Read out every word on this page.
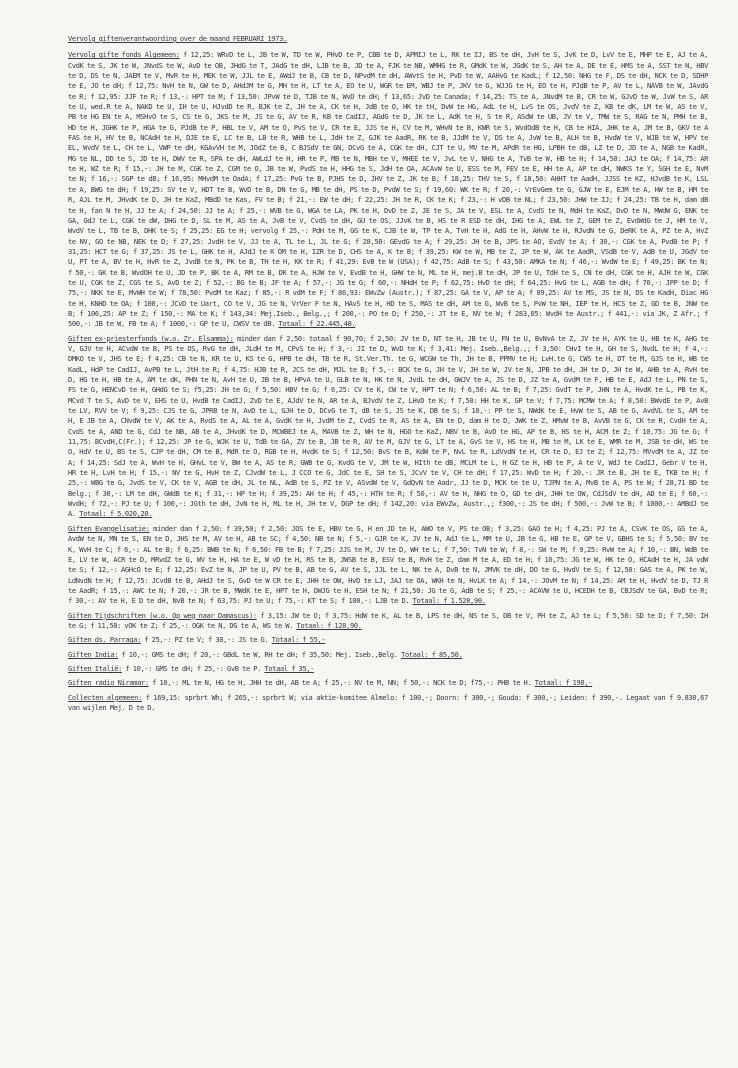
Vervolg giftenverantwoording over de maand FEBRUARI 1973.

Vervolg gifte fonds Algemeen: f 12,25: WRvD te L, JB te W, TD te W, PHvD te P, CBB te D, APMIJ te L, RK te IJ, BS te dH, JvH te S, JvK te D, LvV te E, MHP te E, AJ te A, CvdK te S, JK te W, JNvdS te W, AvD te OB, JHdG te T, JAdG te dH, LJB te B, JD te A, FJK te NB, WMHG te R, GMdK te W, JGdK te S, AH te A, DE te E, HMS te A, SST te N, HBV te D, DS te N, JAEM te V, MvR te H, MEK te W, JJL te E, AWdJ te B, CB te D, NPvdM te dH, AWvtS te H, PvD te W, AAHvG te KadL; f 12,50: NHG te F, DS te dH, NCK te D, SDHP te E, JO te dH; f 12,75: NvH te N, GW te D, AHdJM te G, MH te H, LT te A, EO te U, WGR te EM, WBJ te P, JKV te G, WJJG te H, EO te H, PJdB te P, AV te L, NAVB te W, JAvdG te R; f 12,95: JJF te R; f 13,-: HPT te M; f 13,50: JPvW te D, TJB te N, WvD te dH; f 13,65: JvD te Canada; f 14,25: TS te A, JNvdM te B, CR te W, GJvD te W, JvW te S, AR te U, wed.R te A, NAKD te U, IH te U, HJvdD te R, BJK te Z, JH te A, CK te H, JdB te O, HK te tH, DvW te HG, AdL te H, LvS te OS, JvdV te Z, KB te dK, LM te W, AS te V, PB te HG EN te A, MSHvO te S, CS te G, JKS te M, JS te G, AV te R, KB te CadIJ, AGdG te D, JK te L, AdK te H, S te R, ASdW te UB, JV te V, TMW te S, RAG te N, PMH te B, HD te H, JGHK te P, HGA te G, PJdB te P, HBL te V, AM te O, PvS te V, CR te E, JJS te H, CV te M, WHvN te B, KWR te S, WvdOdB te H, CB te HIA, JHK te A, JM te B, GKV te A FAS te H, HV te B, NCAdH te H, DJE te E, LC te B, LB te R, WHB te L, JdH te Z, GJK te AadR, RK te B, JJdM te V, DS te A, JvW te B, ALH te B, HvdW te V, WJB te W, HPV te EL, WvdV te L, CH te L, VWP te dH, KGAvVH te M, JOdZ te B, C BJSdV te GN, DCvG te A, CGK te dH, CJT te U, MV te M, APdR te HG, LPBH te dB, LZ te D, JD te A, NGB te KadR, MG te NL, DD te S, JD te H, DWV te R, SPA te dH, AWLdJ te H, HR te P, MB te N, MBH te V, MHEE te V, JvL te V, NHG te A, TvB te W, HB te H; f 14,50: JAJ te OA; f 14,75: AR te H, WZ te R; f 15,-: JH te M, CGK te Z, CGM te O, JB te W, PvdS te H, HHG te S, JdH te OA, ACAvW te U, ESS te M, FEV te E, HH te A, AP te dH, NWKS te Y, SGH te E, NvM te N; f 16,-: SGP te dB; f 16,95: MHvdM te OadA; f 17,25: PvG te B, PJHS te D, JHV te Z, JK te B; f 18,25: THV te S, f 18,50: AHHT te AadH, JJSS te KZ, HJvdB te K, LSL te A, BWG te dH; f 19,25: SV te V, HDT te B, WvD te B, DN te G, MB te dH, PS te D, PvdW te S; f 19,60: WK te R; f 20,-: VrEvGem te G, GJW te E, EJM te A, HW te B, HM te R, AJL te M, JHvdK te D, JH te KaZ, MBdD te Kas, FV te B; f 21,-: EW te dH; f 22,25: JH te R, CK te K; f 23,-: H vDB te NL; f 23,50: JHW te IJ; f 24,25: TB te H, dam dB te H, fan N te H, JJ te A; f 24,50: JJ te A; f 25,-: WVB te G, WGA te LA, PK te H, DvD te Z, JE te S, JA te V, ESL te A, CvdS te N, MdH te KaZ, DvD te N, MWdW G, ENK te GA, GdJ te L, CGK te dW, DHG te D, SL te M, AS te A, JvB te V, CvdS te dH, GU te OS, JJvK te B, HS te R ESD te dH, IHG te A, EWL te Z, GEM te Z, EvdWdG te J, HM te V, WvdV te L, TB te B, DHK te S; f 25,25: EG te H; vervolg f 25,-: PdH te M, GG te K, CJB te W, TP te A, TvH te H, AdG te H, AHvW te H, RJvdN te G, DeRK te A, PZ te A, HvZ te NV, GO te NB, NEK te D; f 27,25: JvdH te V, JJ te A, TL te L, JL te G; f 28,50: GEvdG te A; f 29,25: JH te B, JPS te AO, EvdV te A; f 30,-: CGK te A, PvdB te P; f 31,25: HCT te G; f 37,25: JS te L, GHK te H, AJdJ te K OM te H, IZR te D, CHS te A, K te B; f 39,25: KW te W, MB te Z, JP te W, AK te AadR, VSdB te V, AdB te U, JGdV te U, PT te A, BV te H, HvR te Z, JvdB te N, PK te B, TH te H, KK te R; f 41,29: EvB te W (USA); f 42,75: AdB te S; f 43,50: AMKA te N; f 46,-: WvdW te E; f 49,25: BK te N; f 50,-: GK te B, WvdOH te U, JD te P, BK te A, RM te B, DK te A, HJW te V, EvdB te H, GHW te N, ML te H, mej.B te dH, JP te U, TdH te S, CN te dH, CGK te H, AJH te W, CGK te U, CGK te Z, CGS te S, AvD te Z; f 52,-: BG te B; JF te A; f 57,-: JG te G; f 60,-: NHdH te P; f 62,75: HvD te dH; f 64,25: HvG te L, AGB te dH; f 70,-: JPP te D; f 75,-: NKK te E, MvWH te W; f 78,50: PvdM te Kaz; f 85,-: R vdM te F; f 86,93: EWvZw (Austr.); f 87,25: GA te V, AP te A; f 89,25: AV te MS, JS te N, DS te KadH, Diac HG te H, KNHD te OA; f 100,-: JCvD te Uart, CO te V, JG te N, VrVer F te N, HAvS te H, HD te S, MAS te dH, AM te G, WvB te S, PvW te NH, IEP te H, HCS te Z, GD te B, JNW te B; f 106,25: AP te Z; f 150,-: MA te K; f 143,34: Mej.Iseb., Belg.,; f 200,-: PO te D; f 250,-: JT te E, NV te W; f 283,05: WvdH te Austr.; f 441,-: via JK, Z Afr.; f 500,-: JB te W, FB te A; f 1000,-: GP te U, CWSV te dB. Totaal: f 22.445,48.

Giften ex-priesterfonds (w.o. Zr. Elsamma): minder dan f 2,50: totaal f 90,70; f 2,50: JV te D, NT te H, JB te U, FN te U, BvNvA te Z, JV te H, AYK te U, HB te K, AHG te V, GJV te H, ACvdW te B, PS te OS, RvG te dH, JLdH te M, CPvS te H; f 3,-: JI te D, WvD te K; f 3,41: Mej. Iseb.,Belg.,; f 3,50: CHvI te H, GH te S, NvdL te H; f 4,-: DMKO te V, JHS te E; f 4,25: CB te N, KR te U, KS te G, HPB te dH, TB te R, St.Ver.Th. te G, WCGW te Th, JH te B, PPMV te H; LvH.te G, CWS te H, DT te M, GJS te H, WB te KadL, HdP te CadIJ, AvPB te L, JtH te R; f 4,75: HJB te R, JCS te dH, MJL te B; f 5,-: BCK te G, JH te V, JH te W, JV te N, JPB te dH, JH te D, JH te W, AHB te A, RvH te D, HG te H, HB te A, AM te dK, PHN te N, AvH te U, JB te B, HPvA te U, GLB te N, HK te N, JvdL te dH, GWJV te A, JS te D, JZ te A, GvdM te F, HB te E, AdJ te L, PN te S, FS te G, HENCvD te H, GHdG te S; f5,25: JH te G; f 5,50: HBV te G; f 6,25: CV te K, CW te V, HPT te N; f 6,50: AL te B; f 7,25: GvdT te P, JHN te A, HvdK te L, PB te K, MCvd T te S, AvD te V, EHS te U, HvdB te CadIJ, ZvD te E, AJdV te N, AR te A, BJvdV te Z, LHvD te K; f 7,50: HH te K, GP te V; f 7,75: MCMW te A; f 8,50: BWvdE te P, AvB te LV, RVV te V; f 9,25: CJS te G, JPRB te N, AvD te L, GJH te D, DCvG te T, dB te S, JS te K, DB te S; f 10,-: PP te S, NWdK te E, HvW te S, AB te G, AvdVL te S, AM te H, E JB te A, CNvdW te V, AK te A, RvdS te A, AL te A, GvdK te H, JvdM te Z, CvdS te R, AS te A, EN te D, dam H te D, JWK te Z, HMvW te B, AvVB te G, CK te R, CvdH te A, CvdS te A, AND te G, CdJ te NB, AB te A, JHvdK te D, MCWBEJ te A, MAVB te Z, WH te N, HGO te KaZ, NBV te B, AvD te HG, AP te B, HS te H, ACM te Z; f 10,75: JG te G; f 11,75: BCvdH,C(Fr.); f 12,25: JP te G, WJK te U, TdB te GA, ZV te B, JB te R, AV te M, GJV te G, LT te A, GvS te V, HS te H, MB te M, LK te E, WMR te M, JSB te dH, WS te O, HdV te U, BS te S, CJP te dH, CM te B, MdR te O, RGB te H, HvdK te S; f 12,50: BvS te B, KdW te P, NvL te R, LdVvdN te H, CR te D, EJ te Z; f 12,75: MVvdM te A, JZ te A; f 14,25: SdJ te A, WvH te H, GHvL te V, BW te A, AS te R, GWB te G, KvdG te V, JM te W, HIth te dB, MCLM te L, H GZ te H, HB te P, A te V, WdJ te CadIJ, Gebr V te H, HR te H, LvH te H; f 15,-: NV te G, HvH te Z, CJvdW te L, J CCO te G, JdC te E, SH te S, JCvV te V, CH te dH; f 17,25: WvD te H; f 20,-: JR te B, JH te E, TKB te H; f 25,-: WBG te G, JvdS te V, CK te V, AGB te dH, JL te NL, AdB te S, PZ te V, ASvdW te V, GdQvN te Aadr, JJ te D, MCK te te U, TJPN te A, MvB te A, PS te W; f 28,71 BD te Belg.; f 30,-: LM te dH, GWdB te K; f 31,-: HP te H; f 39,25: AH te H; f 45,-: HTH te R; f 50,-: AV te H, NHG te O, GD te dH, JHH te OW, CdJSdV te dH, AD te E; f 60,-: WvdH; f 72,-: PJ te U; f 100,-: JGth te dH, JvN te H, ML te H, JH te V, DGP te dH; f 142,20: via EWvZw, Austr.,; f300,-: JS te dH; f 500,-: JvW te B; f 1000,-: AMBdJ te A. Totaal: f 5.020,20.

Giften Evangelisatie: minder dan f 2,50: f 39,50; f 2,50: JOS te E, HBV te G, H en JD te H, AWO te V, PS te OB; f 3,25: GAO te H; f 4,25: PJ te A, CSvK te OS, GS te A, AvdW te N, MN te S, EN te D, JHS te M, AV te H, AB te SC; f 4,50: NB te N; f 5,-: GJR te K, JV te N, AdJ te L, MM te U, JB te G, HB te E, GP te V, GBHS te S; f 5,50: BV te K, WvH te C; f 6,-: AL te B; f 6,25: BWB te N; f 6,50: FB te B; f 7,25: JJS te M, JV te D, WH te L; f 7,50: TvN te W; f 8,-: SW te M; f 9,25: RvW te A; f 10,-: BN, WdB te E, LV te W, ACR te D, MRvdZ te G, WV te H, HA te E, W vD te H, RS te B, JWSB te B, ESV te B, RvH te Z, dam M te A, ED te H; f 10,75: JG te W, HK te O, HCAdH te H, JA vdW te S; f 12,-: AGHcO te E; f 12,25: EvZ te N, JP te U, PV te B, AB te G, AV te S, JJL te L, NK te A, DvB te N, JMVK te dH, DO te G, HvdV te S; f 12,50: GAS te A, PK te W, LdNvdN te H; f 12,75: JCvdB te B, AHdJ te S, GvD te W CR te E, JHH te OW, HvD te LJ, JAJ te OA, WKH te N, HvLK te A; f 14,-: JOvM te N; f 14,25: AM te H, HvdV te D, TJ R te AadR; f 15,-: AWC te N; f 20,-: JR te B, MWdK te E, HPT te H, DWJG te H, ESH te N; f 21,50: JG te G, AdB te S; f 25,-: ACAVW te U, HCEDH te B, CBJSdV te GA, BvD te R; f 30,-: AV te H, E D te dH, NvB te N; f 63,75: PJ te U; f 75,-: KT te S; f 100,-: LJB te D. Totaal: f 1.528,90.

Giften Tijdschriften (w.o. Op weg naar Damascus): f 3,15: JW te O; f 3,75: HdW te K, AL te B, LPS te dH, NS te S, DB te V, PH te Z, AJ te L; f 5,50: SD te D; f 7,50: IH te G; f 11,50: vOK te Z; f 25,-: OGK te N, DG te A, WS te W. Totaal: f 128,90.

Giften ds. Parraga: f 25,-: PZ te V; f 30,-: JS te G. Totaal: f 55,-

Giften India: f 10,-: GMS te dH; f 20,-: GBdL te W, RH te dH; f 35,50: Mej. Iseb.,Belg. Totaal: f 85,50.

Giften Italië: f 10,-: GMS te dH; f 25,-: GvB te P. Totaal f 35,-

Giften radio Niramar: f 10,-: ML te N, HG te H, JHH te dH, AB te A; f 25,-: NV te M, NN; f 50,-: NCK te D; f75,-: PHB te H. Totaal: f 190,-

Collecten algemeen: f 169,15: sprbrt Wh; f 265,-: sprbrt W; via aktie-komitee Almelo: f 100,-; Doorn: f 300,-; Gouda: f 300,-; Leiden: f 390,-. Legaat van f 9.830,67 van wijlen Mej. D te D.
